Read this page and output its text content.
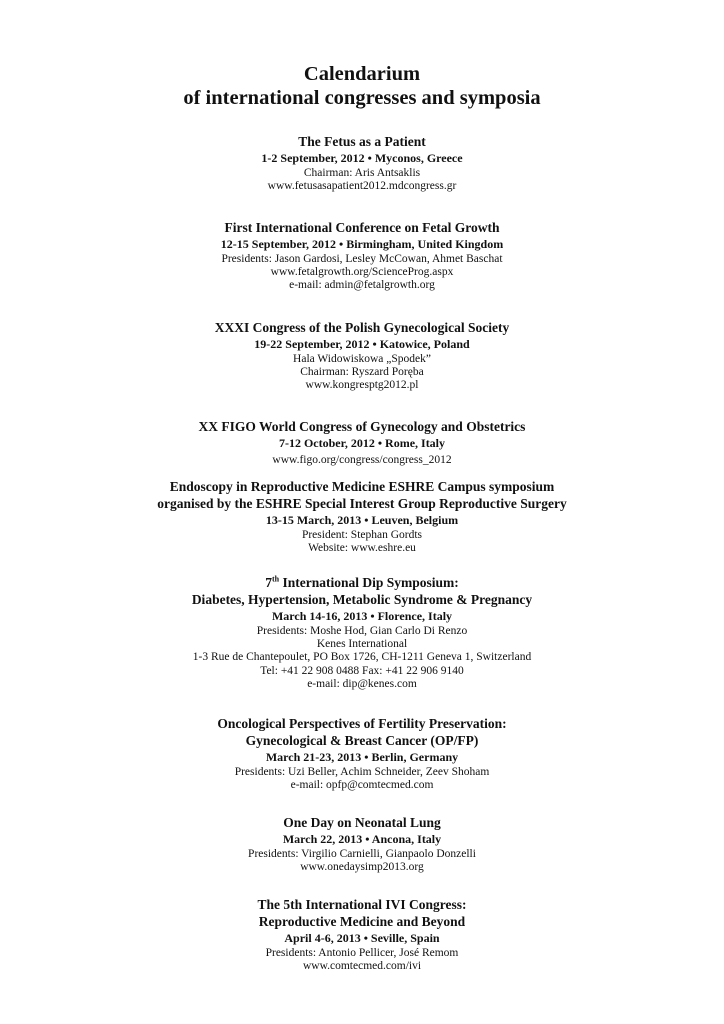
Calendarium
of international congresses and symposia
The Fetus as a Patient
1-2 September, 2012 • Myconos, Greece
Chairman: Aris Antsaklis
www.fetusasapatient2012.mdcongress.gr
First International Conference on Fetal Growth
12-15 September, 2012 • Birmingham, United Kingdom
Presidents: Jason Gardosi, Lesley McCowan, Ahmet Baschat
www.fetalgrowth.org/ScienceProg.aspx
e-mail: admin@fetalgrowth.org
XXXI Congress of the Polish Gynecological Society
19-22 September, 2012 • Katowice, Poland
Hala Widowiskowa „Spodek”
Chairman: Ryszard Poręba
www.kongresptg2012.pl
XX FIGO World Congress of Gynecology and Obstetrics
7-12 October, 2012 • Rome, Italy
www.figo.org/congress/congress_2012
Endoscopy in Reproductive Medicine ESHRE Campus symposium
organised by the ESHRE Special Interest Group Reproductive Surgery
13-15 March, 2013 • Leuven, Belgium
President: Stephan Gordts
Website: www.eshre.eu
7th International Dip Symposium:
Diabetes, Hypertension, Metabolic Syndrome & Pregnancy
March 14-16, 2013 • Florence, Italy
Presidents: Moshe Hod, Gian Carlo Di Renzo
Kenes International
1-3 Rue de Chantepoulet, PO Box 1726, CH-1211 Geneva 1, Switzerland
Tel: +41 22 908 0488 Fax: +41 22 906 9140
e-mail: dip@kenes.com
Oncological Perspectives of Fertility Preservation:
Gynecological & Breast Cancer (OP/FP)
March 21-23, 2013 • Berlin, Germany
Presidents: Uzi Beller, Achim Schneider, Zeev Shoham
e-mail: opfp@comtecmed.com
One Day on Neonatal Lung
March 22, 2013 • Ancona, Italy
Presidents: Virgilio Carnielli, Gianpaolo Donzelli
www.onedaysimp2013.org
The 5th International IVI Congress:
Reproductive Medicine and Beyond
April 4-6, 2013 • Seville, Spain
Presidents: Antonio Pellicer, José Remom
www.comtecmed.com/ivi
